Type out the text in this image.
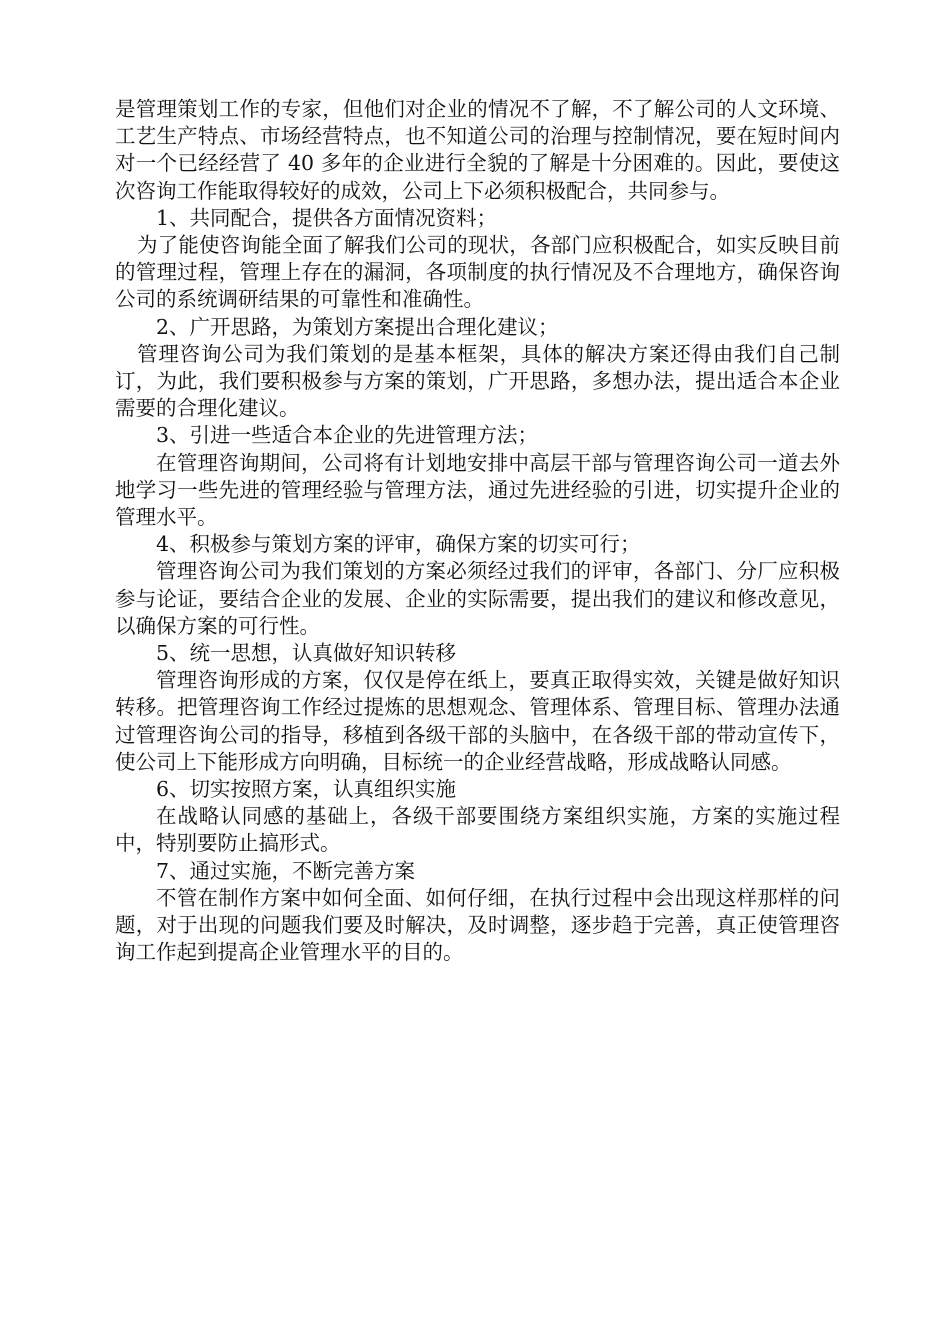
是管理策划工作的专家，但他们对企业的情况不了解，不了解公司的人文环境、工艺生产特点、市场经营特点，也不知道公司的治理与控制情况，要在短时间内对一个已经经营了 40 多年的企业进行全貌的了解是十分困难的。因此，要使这次咨询工作能取得较好的成效，公司上下必须积极配合，共同参与。

1、共同配合，提供各方面情况资料；

为了能使咨询能全面了解我们公司的现状，各部门应积极配合，如实反映目前的管理过程，管理上存在的漏洞，各项制度的执行情况及不合理地方，确保咨询公司的系统调研结果的可靠性和准确性。

2、广开思路，为策划方案提出合理化建议；

管理咨询公司为我们策划的是基本框架，具体的解决方案还得由我们自己制订，为此，我们要积极参与方案的策划，广开思路，多想办法，提出适合本企业需要的合理化建议。

3、引进一些适合本企业的先进管理方法；

在管理咨询期间，公司将有计划地安排中高层干部与管理咨询公司一道去外地学习一些先进的管理经验与管理方法，通过先进经验的引进，切实提升企业的管理水平。

4、积极参与策划方案的评审，确保方案的切实可行；

管理咨询公司为我们策划的方案必须经过我们的评审，各部门、分厂应积极参与论证，要结合企业的发展、企业的实际需要，提出我们的建议和修改意见，以确保方案的可行性。

5、统一思想，认真做好知识转移

管理咨询形成的方案，仅仅是停在纸上，要真正取得实效，关键是做好知识转移。把管理咨询工作经过提炼的思想观念、管理体系、管理目标、管理办法通过管理咨询公司的指导，移植到各级干部的头脑中，在各级干部的带动宣传下，使公司上下能形成方向明确，目标统一的企业经营战略，形成战略认同感。

6、切实按照方案，认真组织实施

在战略认同感的基础上，各级干部要围绕方案组织实施，方案的实施过程中，特别要防止搞形式。

7、通过实施，不断完善方案

不管在制作方案中如何全面、如何仔细，在执行过程中会出现这样那样的问题，对于出现的问题我们要及时解决，及时调整，逐步趋于完善，真正使管理咨询工作起到提高企业管理水平的目的。
